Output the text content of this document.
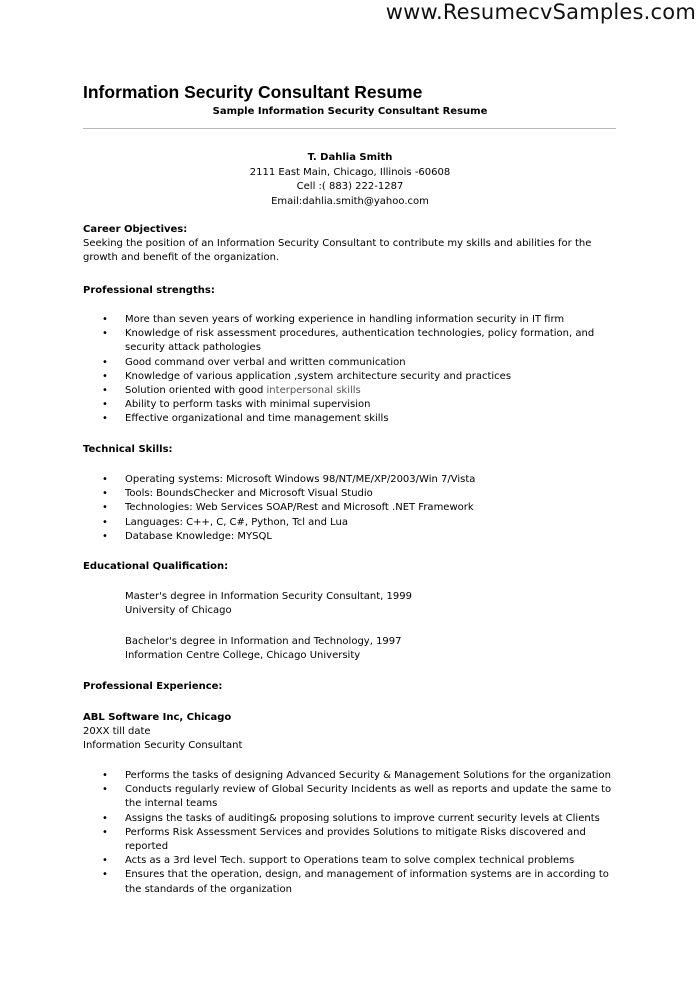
www.ResumecvSamples.com
Information Security Consultant Resume
Sample Information Security Consultant Resume
T. Dahlia Smith
2111 East Main, Chicago, Illinois -60608
Cell :( 883) 222-1287
Email:dahlia.smith@yahoo.com
Career Objectives:
Seeking the position of an Information Security Consultant to contribute my skills and abilities for the growth and benefit of the organization.
Professional strengths:
• More than seven years of working experience in handling information security in IT firm
• Knowledge of risk assessment procedures, authentication technologies, policy formation, and security attack pathologies
• Good command over verbal and written communication
• Knowledge of various application ,system architecture security and practices
• Solution oriented with good interpersonal skills
• Ability to perform tasks with minimal supervision
• Effective organizational and time management skills
Technical Skills:
• Operating systems: Microsoft Windows 98/NT/ME/XP/2003/Win 7/Vista
• Tools: BoundsChecker and Microsoft Visual Studio
• Technologies: Web Services SOAP/Rest and Microsoft .NET Framework
• Languages: C++, C, C#, Python, Tcl and Lua
• Database Knowledge: MYSQL
Educational Qualification:
Master's degree in Information Security Consultant, 1999
University of Chicago
Bachelor's degree in Information and Technology, 1997
Information Centre College, Chicago University
Professional Experience:
ABL Software Inc, Chicago
20XX till date
Information Security Consultant
• Performs the tasks of designing Advanced Security & Management Solutions for the organization
• Conducts regularly review of Global Security Incidents as well as reports and update the same to the internal teams
• Assigns the tasks of auditing& proposing solutions to improve current security levels at Clients
• Performs Risk Assessment Services and provides Solutions to mitigate Risks discovered and reported
• Acts as a 3rd level Tech. support to Operations team to solve complex technical problems
• Ensures that the operation, design, and management of information systems are in according to the standards of the organization
